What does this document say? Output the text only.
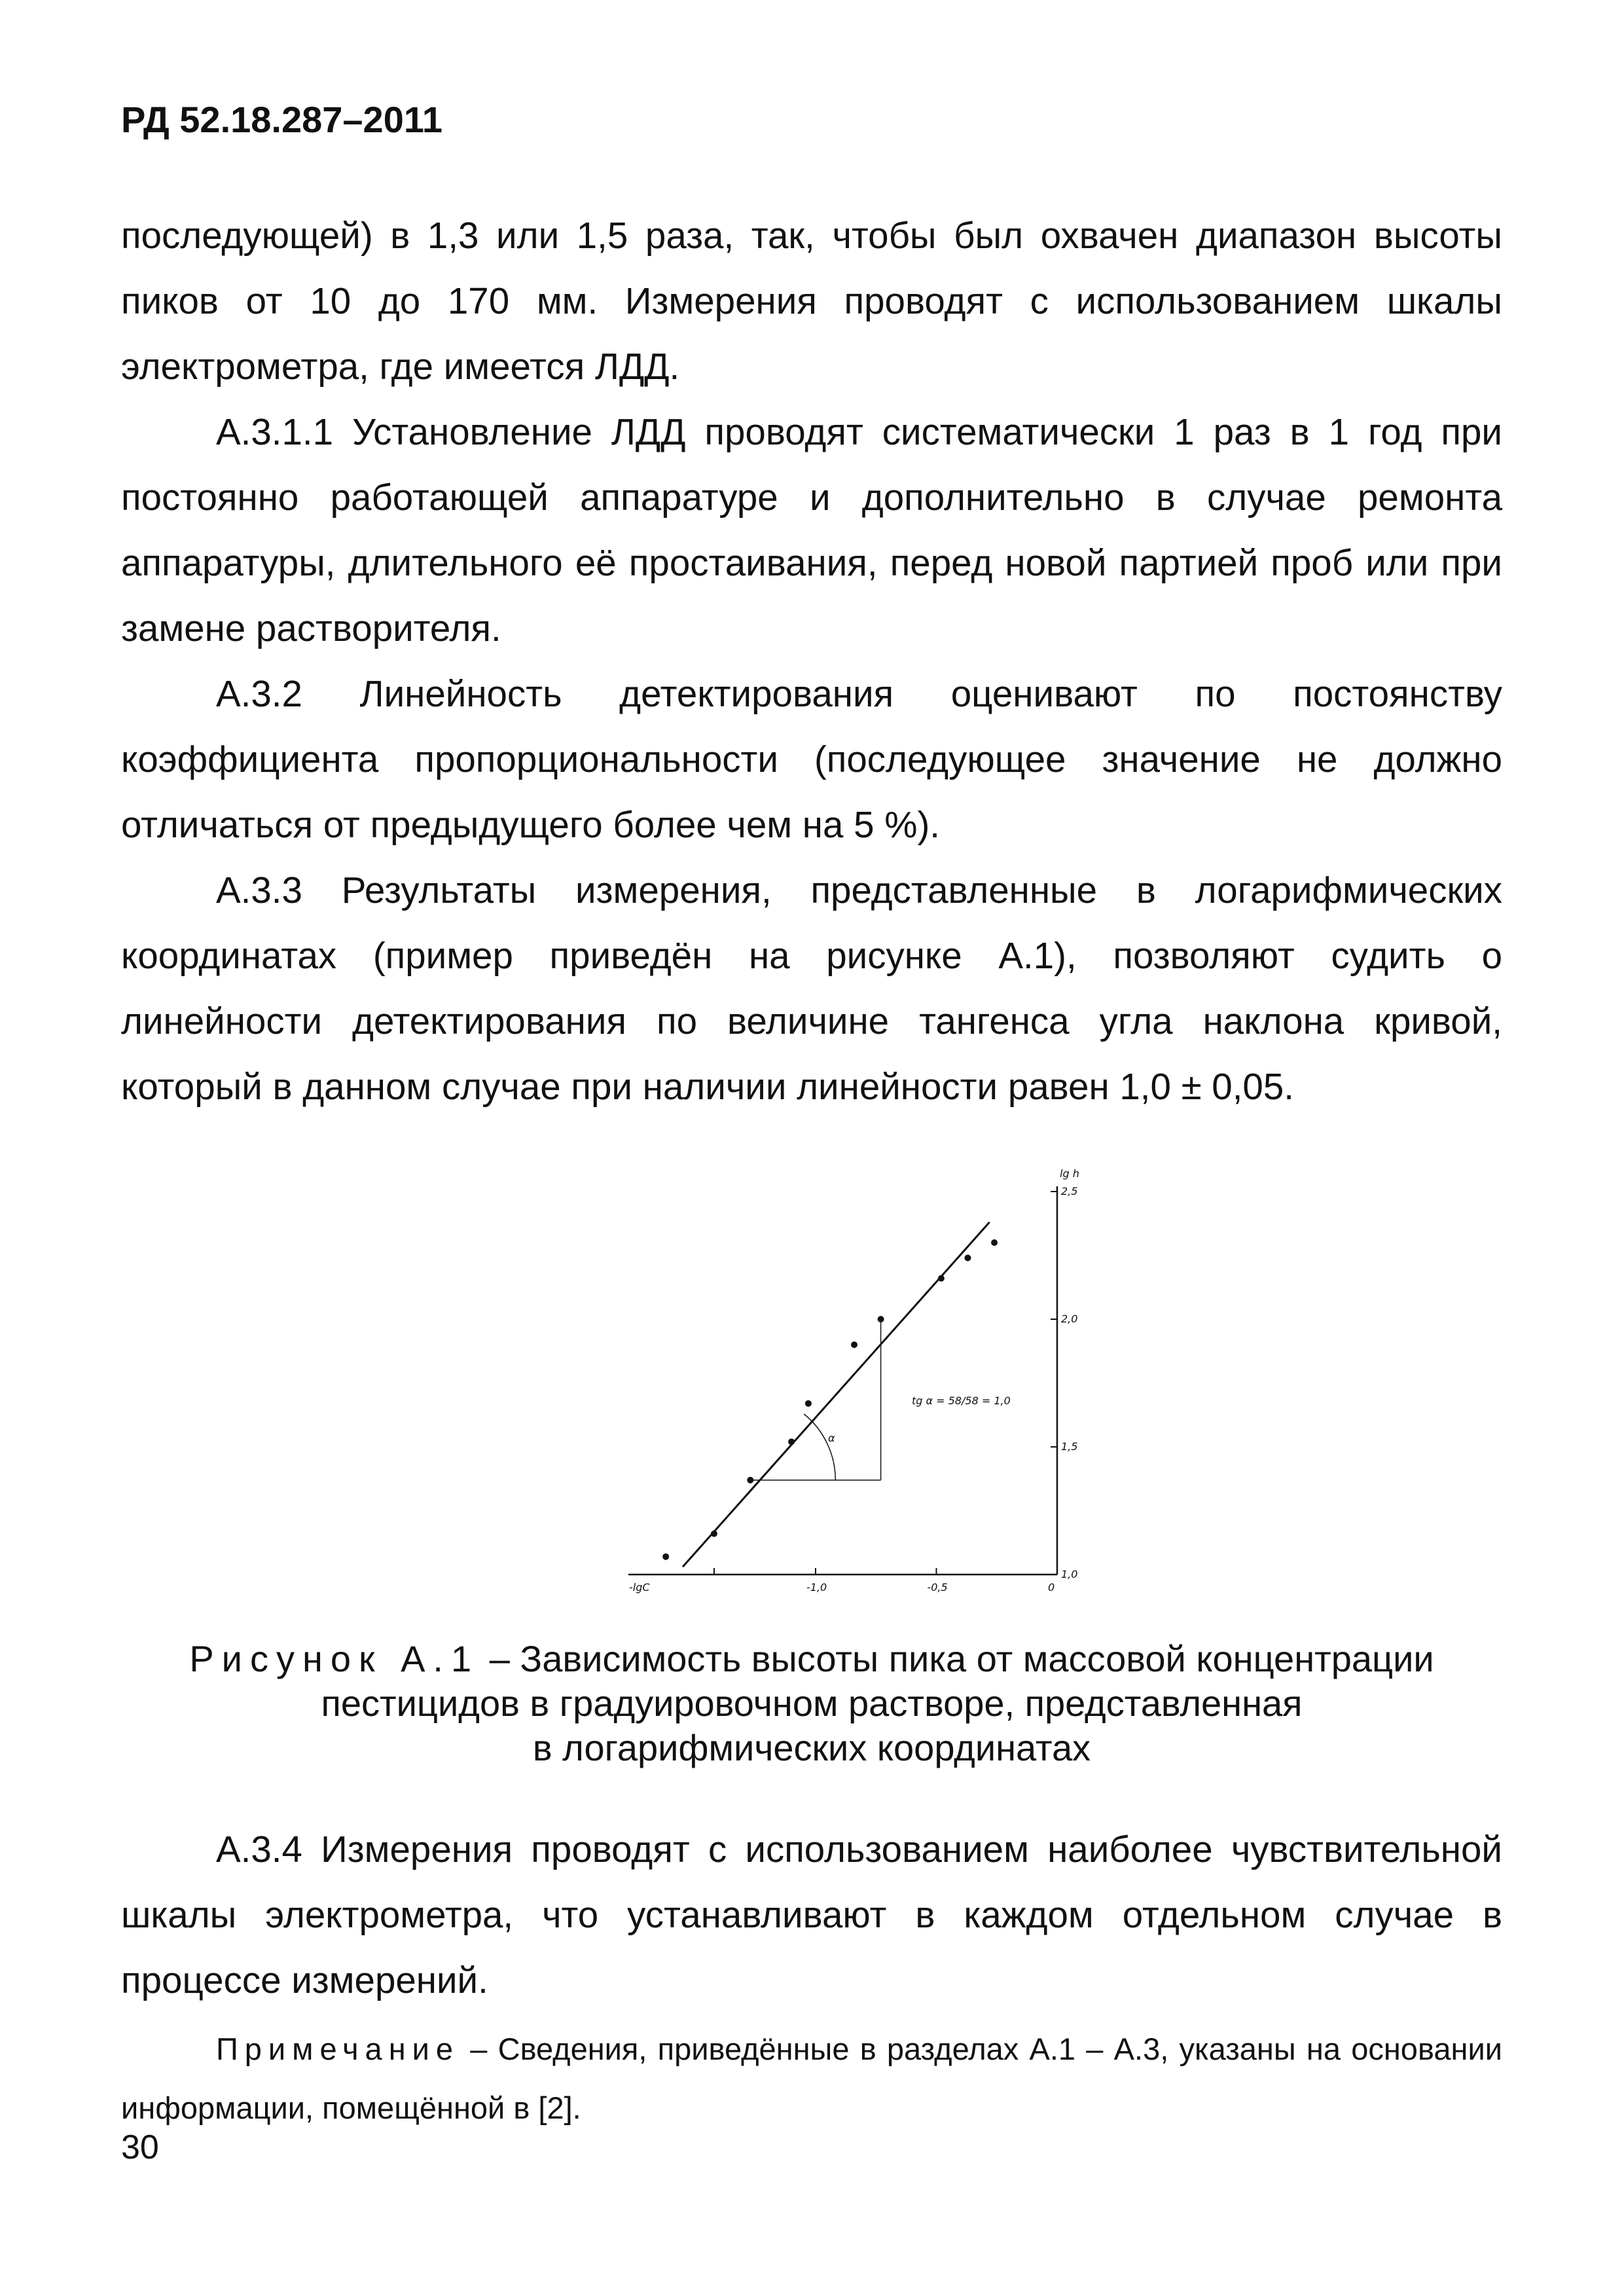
РД 52.18.287–2011

последующей) в 1,3 или 1,5 раза, так, чтобы был охвачен диапазон высоты пиков от 10 до 170 мм. Измерения проводят с использованием шкалы электрометра, где имеется ЛДД.

А.3.1.1 Установление ЛДД проводят систематически 1 раз в 1 год при постоянно работающей аппаратуре и дополнительно в случае ремонта аппаратуры, длительного её простаивания, перед новой партией проб или при замене растворителя.

А.3.2 Линейность детектирования оценивают по постоянству коэффициента пропорциональности (последующее значение не должно отличаться от предыдущего более чем на 5 %).

А.3.3 Результаты измерения, представленные в логарифмических координатах (пример приведён на рисунке А.1), позволяют судить о линейности детектирования по величине тангенса угла наклона кривой, который в данном случае при наличии линейности равен 1,0 ± 0,05.

-lgC	-1,0	-0,5	0
lg h
1,0
1,5
2,0
2,5
tg α = 58/58 = 1,0
α
Рисунок А.1 – Зависимость высоты пика от массовой концентрации
пестицидов в градуировочном растворе, представленная
в логарифмических координатах

А.3.4 Измерения проводят с использованием наиболее чувствительной шкалы электрометра, что устанавливают в каждом отдельном случае в процессе измерений.

Примечание – Сведения, приведённые в разделах А.1 – А.3, указаны на основании информации, помещённой в [2].
30
